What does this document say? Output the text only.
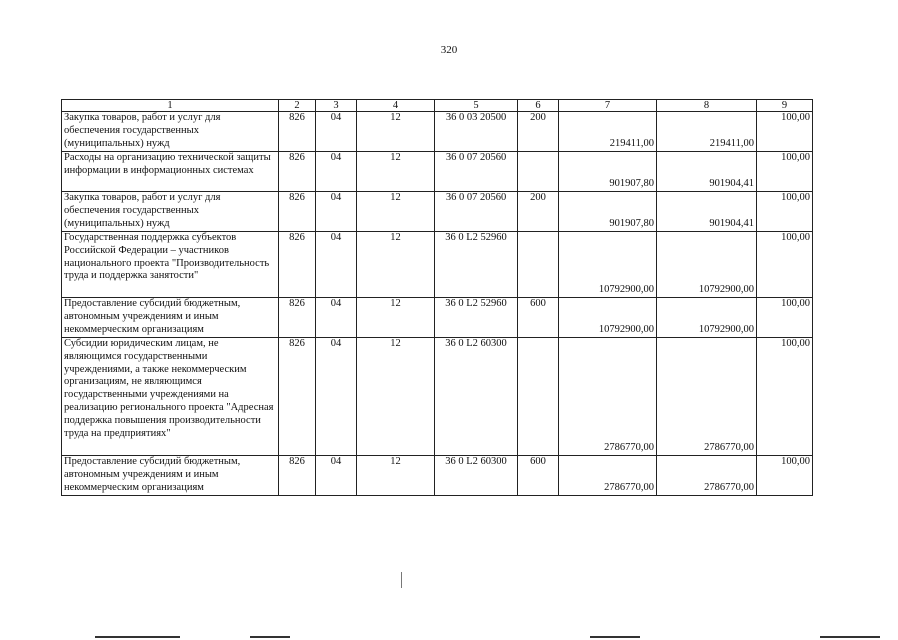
320
1	2	3	4	5	6	7	8	9
Закупка товаров, работ и услуг для обеспечения государственных (муниципальных) нужд	826	04	12	36 0 03 20500	200	219411,00	219411,00	100,00
Расходы на организацию технической защиты информации в информационных системах	826	04	12	36 0 07 20560		901907,80	901904,41	100,00
Закупка товаров, работ и услуг для обеспечения государственных (муниципальных) нужд	826	04	12	36 0 07 20560	200	901907,80	901904,41	100,00
Государственная поддержка субъектов Российской Федерации – участников национального проекта "Производительность труда и поддержка занятости"	826	04	12	36 0 L2 52960		10792900,00	10792900,00	100,00
Предоставление субсидий бюджетным, автономным учреждениям и иным некоммерческим организациям	826	04	12	36 0 L2 52960	600	10792900,00	10792900,00	100,00
Субсидии юридическим лицам, не являющимся государственными учреждениями, а также некоммерческим организациям, не являющимся государственными учреждениями на реализацию регионального проекта "Адресная поддержка повышения производительности труда на предприятиях"	826	04	12	36 0 L2 60300		2786770,00	2786770,00	100,00
Предоставление субсидий бюджетным, автономным учреждениям и иным некоммерческим организациям	826	04	12	36 0 L2 60300	600	2786770,00	2786770,00	100,00
